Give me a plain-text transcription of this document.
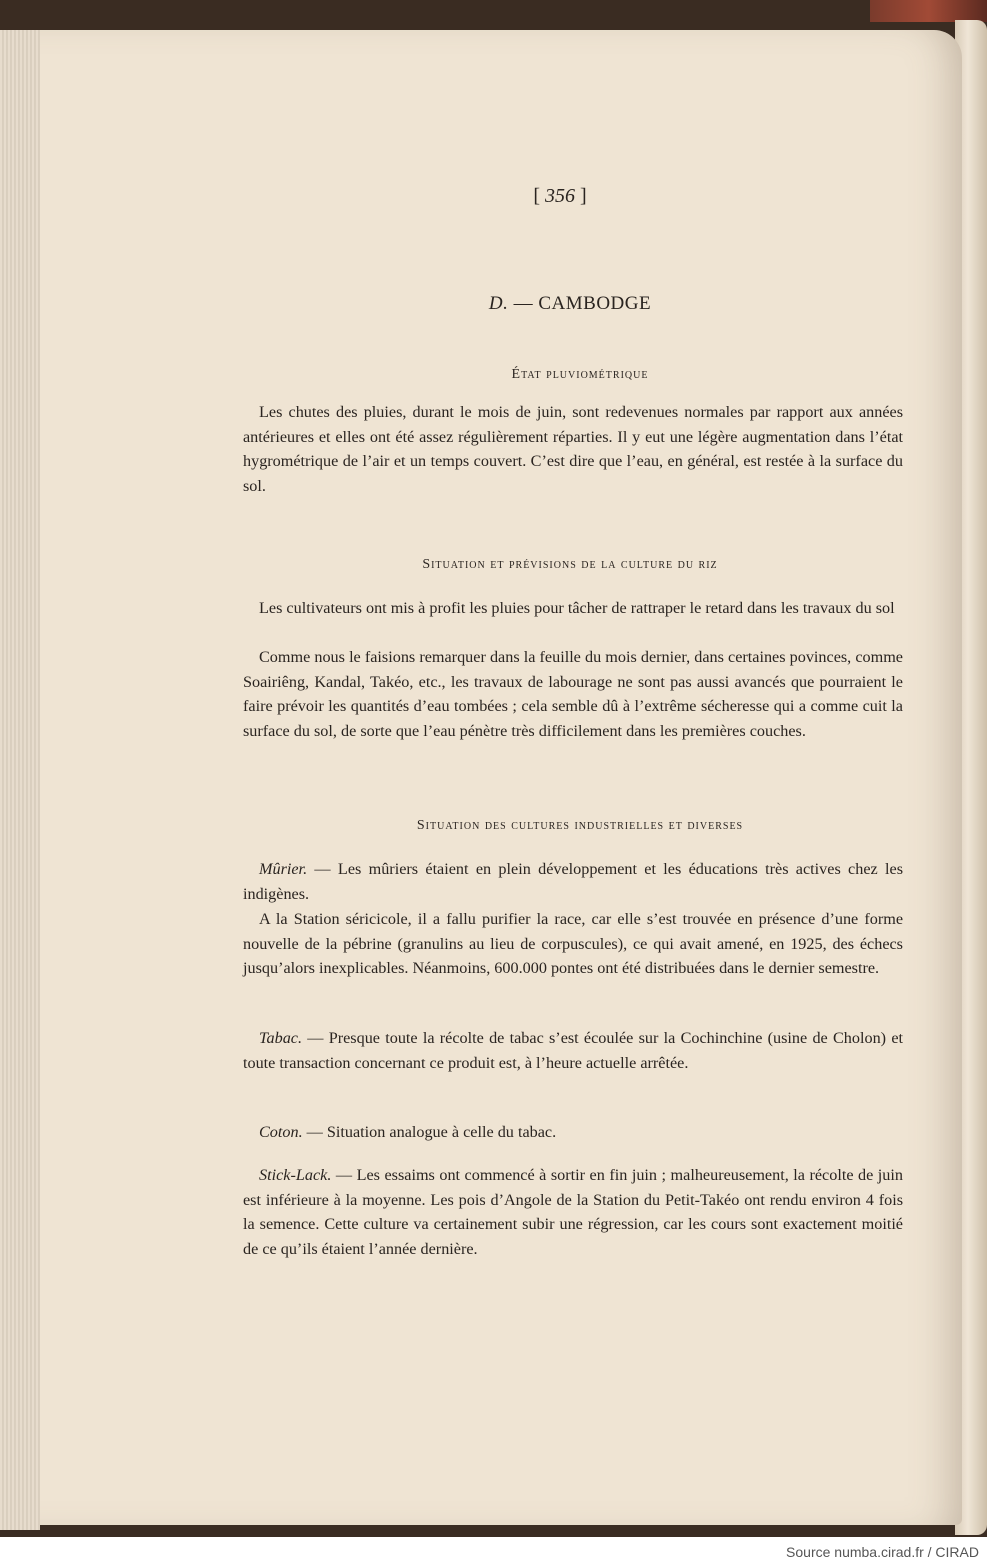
[ 356 ]
D. — CAMBODGE
État pluviométrique

Les chutes des pluies, durant le mois de juin, sont redevenues normales par rapport aux années antérieures et elles ont été assez régulièrement réparties. Il y eut une légère augmentation dans l’état hygrométrique de l’air et un temps couvert. C’est dire que l’eau, en général, est restée à la surface du sol.

Situation et prévisions de la culture du riz

Les cultivateurs ont mis à profit les pluies pour tâcher de rattraper le retard dans les travaux du sol

Comme nous le faisions remarquer dans la feuille du mois dernier, dans certaines povinces, comme Soairiêng, Kandal, Takéo, etc., les travaux de labourage ne sont pas aussi avancés que pourraient le faire prévoir les quantités d’eau tombées ; cela semble dû à l’extrême sécheresse qui a comme cuit la surface du sol, de sorte que l’eau pénètre très difficilement dans les premières couches.

Situation des cultures industrielles et diverses

Mûrier. — Les mûriers étaient en plein développement et les éducations très actives chez les indigènes.

A la Station séricicole, il a fallu purifier la race, car elle s’est trouvée en présence d’une forme nouvelle de la pébrine (granulins au lieu de corpuscules), ce qui avait amené, en 1925, des échecs jusqu’alors inexplicables. Néanmoins, 600.000 pontes ont été distribuées dans le dernier semestre.

Tabac. — Presque toute la récolte de tabac s’est écoulée sur la Cochinchine (usine de Cholon) et toute transaction concernant ce produit est, à l’heure actuelle arrêtée.

Coton. — Situation analogue à celle du tabac.

Stick-Lack. — Les essaims ont commencé à sortir en fin juin ; malheureusement, la récolte de juin est inférieure à la moyenne. Les pois d’Angole de la Station du Petit-Takéo ont rendu environ 4 fois la semence. Cette culture va certainement subir une régression, car les cours sont exactement moitié de ce qu’ils étaient l’année dernière.

Source numba.cirad.fr / CIRAD
